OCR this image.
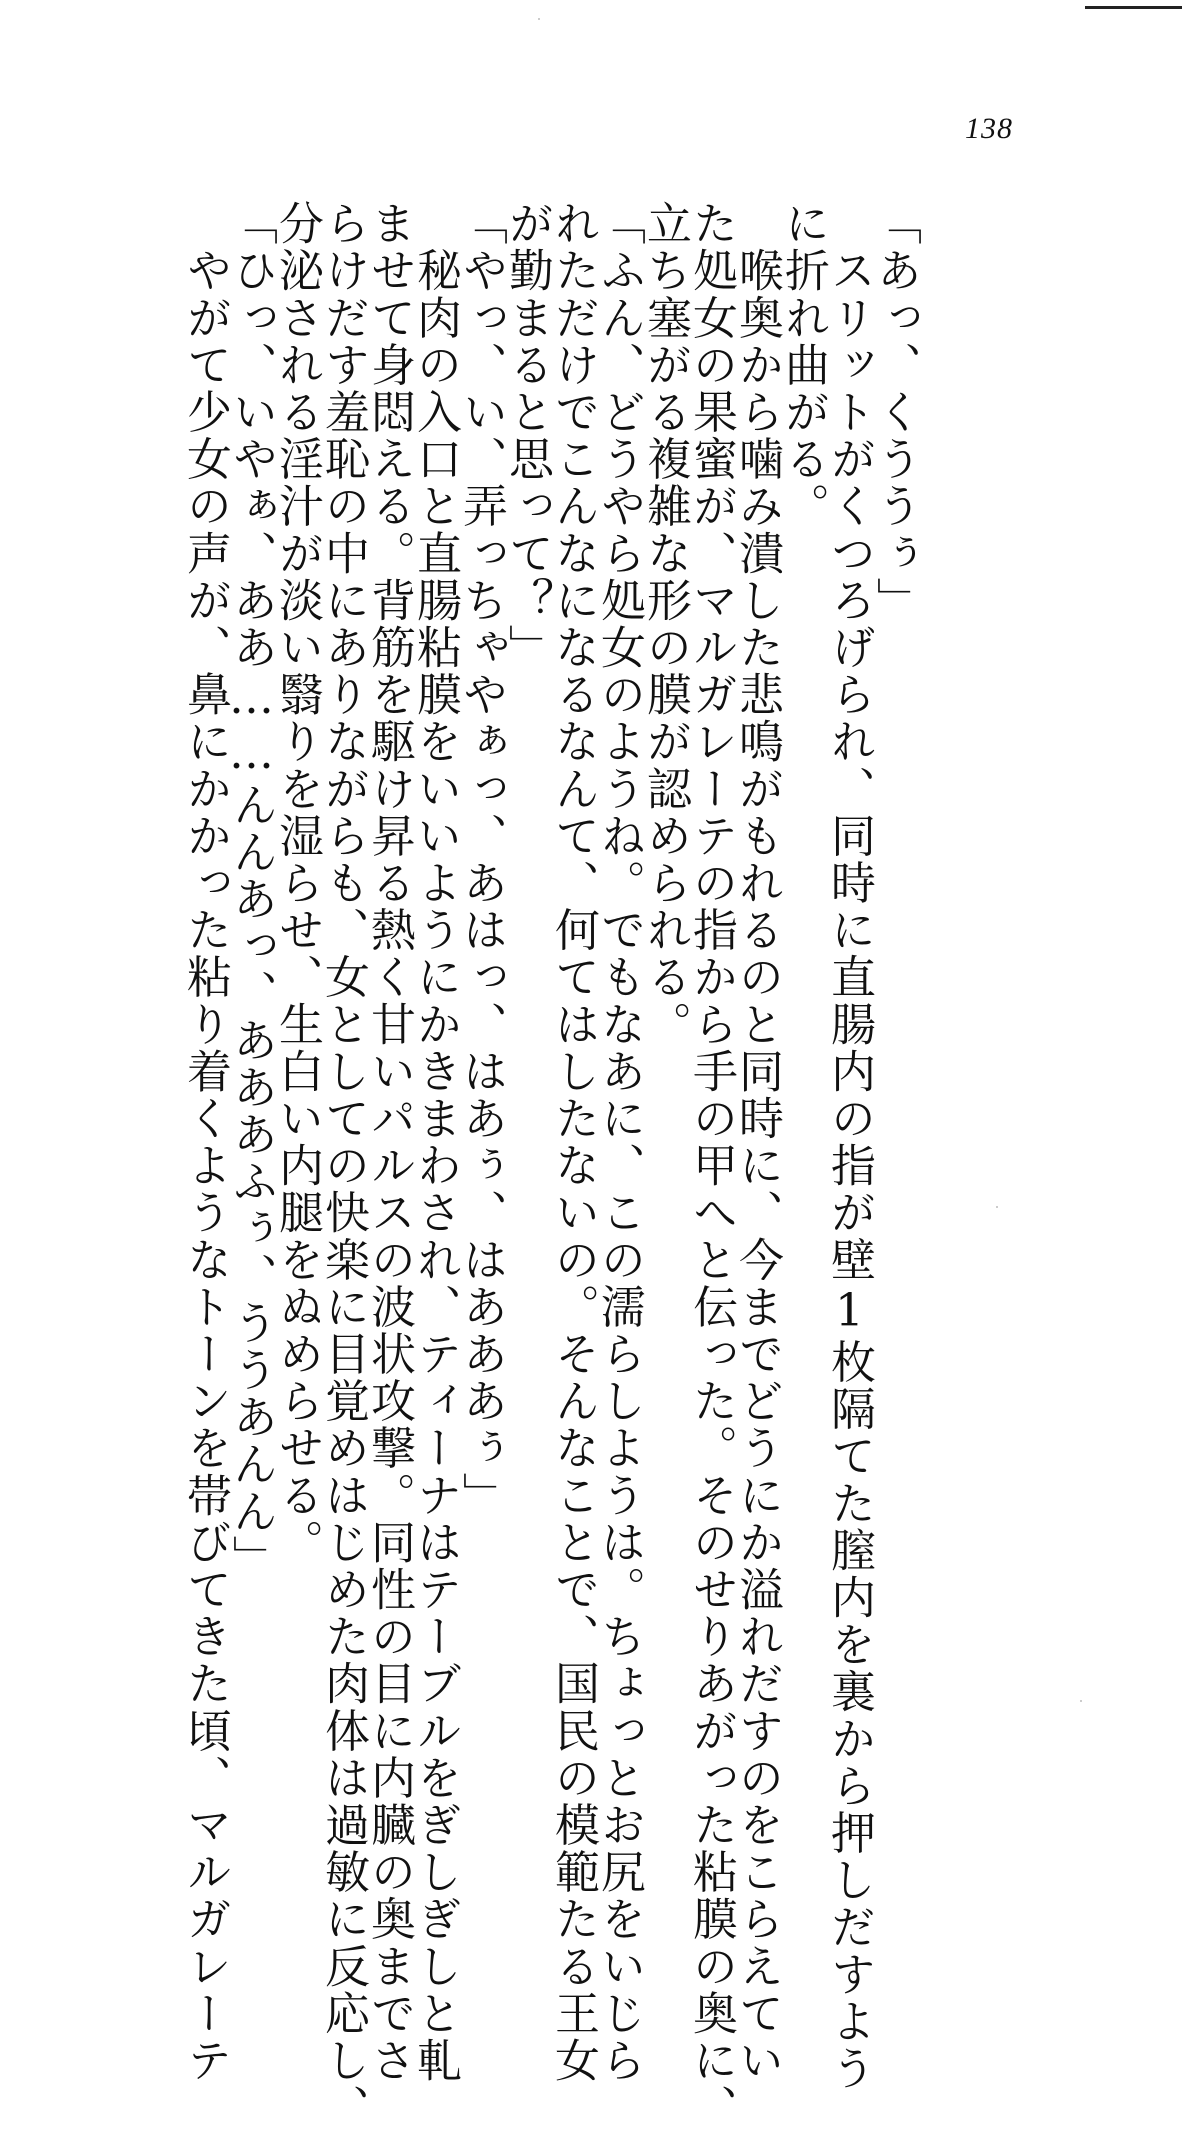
138
「あっ、くううぅ」
　スリットがくつろげられ、同時に直腸内の指が壁1枚隔てた膣内を裏から押しだすよう
に折れ曲がる。
　喉奥から噛み潰した悲鳴がもれるのと同時に、今までどうにか溢れだすのをこらえてい
た処女の果蜜が、マルガレーテの指から手の甲へと伝った。そのせりあがった粘膜の奥に、
立ち塞がる複雑な形の膜が認められる。
「ふん、どうやら処女のようね。でもなあに、この濡らしようは。ちょっとお尻をいじら
れただけでこんなになるなんて、何てはしたないの。そんなことで、国民の模範たる王女
が勤まると思って？」
「やっ、い、弄っちゃやぁっ、あはっ、はあぅ、はあああぅ」
　秘肉の入口と直腸粘膜をいいようにかきまわされ、ティーナはテーブルをぎしぎしと軋
ませて身悶える。背筋を駆け昇る熱く甘いパルスの波状攻撃。同性の目に内臓の奥までさ
らけだす羞恥の中にありながらも、女としての快楽に目覚めはじめた肉体は過敏に反応し、
分泌される淫汁が淡い翳りを湿らせ、生白い内腿をぬめらせる。
「ひっ、いやぁ、ああ……んんあっ、あああふぅ、ううあんん」
　やがて少女の声が、鼻にかかった粘り着くようなトーンを帯びてきた頃、マルガレーテ
